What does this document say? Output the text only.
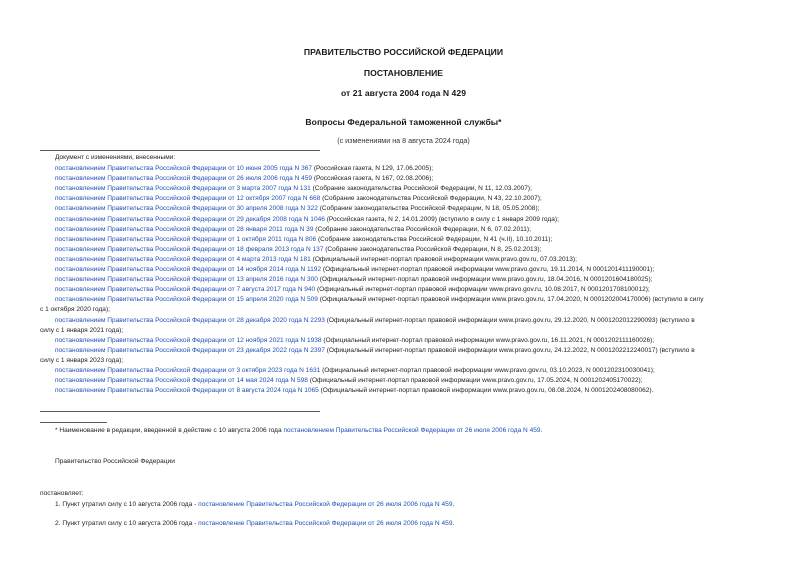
ПРАВИТЕЛЬСТВО РОССИЙСКОЙ ФЕДЕРАЦИИ
ПОСТАНОВЛЕНИЕ
от 21 августа 2004 года N 429
Вопросы Федеральной таможенной службы*
(с изменениями на 8 августа 2024 года)
Документ с изменениями, внесенными:
постановлением Правительства Российской Федерации от 10 июня 2005 года N 367 (Российская газета, N 129, 17.06.2005);
постановлением Правительства Российской Федерации от 26 июля 2006 года N 459 (Российская газета, N 167, 02.08.2006);
постановлением Правительства Российской Федерации от 3 марта 2007 года N 131 (Собрание законодательства Российской Федерации, N 11, 12.03.2007);
постановлением Правительства Российской Федерации от 12 октября 2007 года N 668 (Собрание законодательства Российской Федерации, N 43, 22.10.2007);
постановлением Правительства Российской Федерации от 30 апреля 2008 года N 322 (Собрание законодательства Российской Федерации, N 18, 05.05.2008);
постановлением Правительства Российской Федерации от 29 декабря 2008 года N 1046 (Российская газета, N 2, 14.01.2009) (вступило в силу с 1 января 2009 года);
постановлением Правительства Российской Федерации от 28 января 2011 года N 39 (Собрание законодательства Российской Федерации, N 6, 07.02.2011);
постановлением Правительства Российской Федерации от 1 октября 2011 года N 806 (Собрание законодательства Российской Федерации, N 41 (ч.II), 10.10.2011);
постановлением Правительства Российской Федерации от 18 февраля 2013 года N 137 (Собрание законодательства Российской Федерации, N 8, 25.02.2013);
постановлением Правительства Российской Федерации от 4 марта 2013 года N 181 (Официальный интернет-портал правовой информации www.pravo.gov.ru, 07.03.2013);
постановлением Правительства Российской Федерации от 14 ноября 2014 года N 1192 (Официальный интернет-портал правовой информации www.pravo.gov.ru, 19.11.2014, N 0001201411190001);
постановлением Правительства Российской Федерации от 13 апреля 2016 года N 300 (Официальный интернет-портал правовой информации www.pravo.gov.ru, 18.04.2016, N 0001201604180025);
постановлением Правительства Российской Федерации от 7 августа 2017 года N 940 (Официальный интернет-портал правовой информации www.pravo.gov.ru, 10.08.2017, N 0001201708100012);
постановлением Правительства Российской Федерации от 15 апреля 2020 года N 509 (Официальный интернет-портал правовой информации www.pravo.gov.ru, 17.04.2020, N 0001202004170006) (вступило в силу
с 1 октября 2020 года);
постановлением Правительства Российской Федерации от 28 декабря 2020 года N 2293 (Официальный интернет-портал правовой информации www.pravo.gov.ru, 29.12.2020, N 0001202012290093) (вступило в
силу с 1 января 2021 года);
постановлением Правительства Российской Федерации от 12 ноября 2021 года N 1938 (Официальный интернет-портал правовой информации www.pravo.gov.ru, 16.11.2021, N 0001202111160026);
постановлением Правительства Российской Федерации от 23 декабря 2022 года N 2397 (Официальный интернет-портал правовой информации www.pravo.gov.ru, 24.12.2022, N 0001202212240017) (вступило в
силу с 1 января 2023 года);
постановлением Правительства Российской Федерации от 3 октября 2023 года N 1631 (Официальный интернет-портал правовой информации www.pravo.gov.ru, 03.10.2023, N 0001202310030041);
постановлением Правительства Российской Федерации от 14 мая 2024 года N 598 (Официальный интернет-портал правовой информации www.pravo.gov.ru, 17.05.2024, N 0001202405170022);
постановлением Правительства Российской Федерации от 8 августа 2024 года N 1065 (Официальный интернет-портал правовой информации www.pravo.gov.ru, 08.08.2024, N 0001202408080062).
* Наименование в редакции, введенной в действие с 10 августа 2006 года постановлением Правительства Российской Федерации от 26 июля 2006 года N 459.
Правительство Российской Федерации
постановляет:
1. Пункт утратил силу с 10 августа 2006 года - постановление Правительства Российской Федерации от 26 июля 2006 года N 459.
2. Пункт утратил силу с 10 августа 2006 года - постановление Правительства Российской Федерации от 26 июля 2006 года N 459.
